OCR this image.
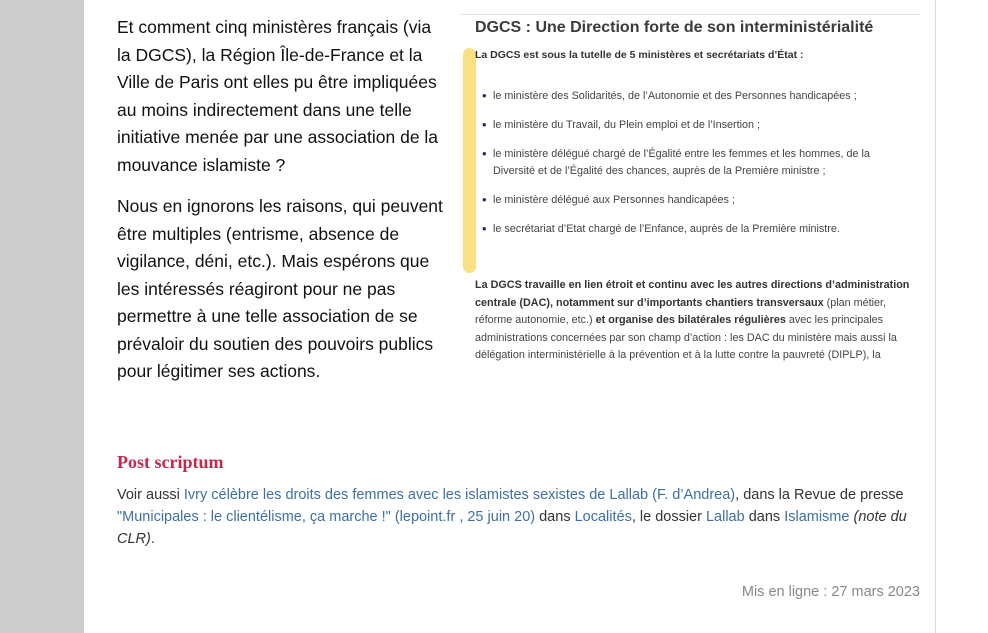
Et comment cinq ministères français (via la DGCS), la Région Île-de-France et la Ville de Paris ont elles pu être impliquées au moins indirectement dans une telle initiative menée par une association de la mouvance islamiste ?

Nous en ignorons les raisons, qui peuvent être multiples (entrisme, absence de vigilance, déni, etc.). Mais espérons que les intéressés réagiront pour ne pas permettre à une telle association de se prévaloir du soutien des pouvoirs publics pour légitimer ses actions.

DGCS : Une Direction forte de son interministérialité
La DGCS est sous la tutelle de 5 ministères et secrétariats d’État :
• le ministère des Solidarités, de l’Autonomie et des Personnes handicapées ;
• le ministère du Travail, du Plein emploi et de l’Insertion ;
• le ministère délégué chargé de l’Égalité entre les femmes et les hommes, de la Diversité et de l’Égalité des chances, auprès de la Première ministre ;
• le ministère délégué aux Personnes handicapées ;
• le secrétariat d’Etat chargé de l’Enfance, auprès de la Première ministre.
La DGCS travaille en lien étroit et continu avec les autres directions d’administration centrale (DAC), notamment sur d’importants chantiers transversaux (plan métier, réforme autonomie, etc.) et organise des bilatérales régulières avec les principales administrations concernées par son champ d’action : les DAC du ministère mais aussi la délégation interministérielle à la prévention et à la lutte contre la pauvreté (DIPLP), la
Post scriptum
Voir aussi Ivry célèbre les droits des femmes avec les islamistes sexistes de Lallab (F. d’Andrea), dans la Revue de presse "Municipales : le clientélisme, ça marche !" (lepoint.fr , 25 juin 20) dans Localités, le dossier Lallab dans Islamisme (note du CLR).
Mis en ligne : 27 mars 2023
